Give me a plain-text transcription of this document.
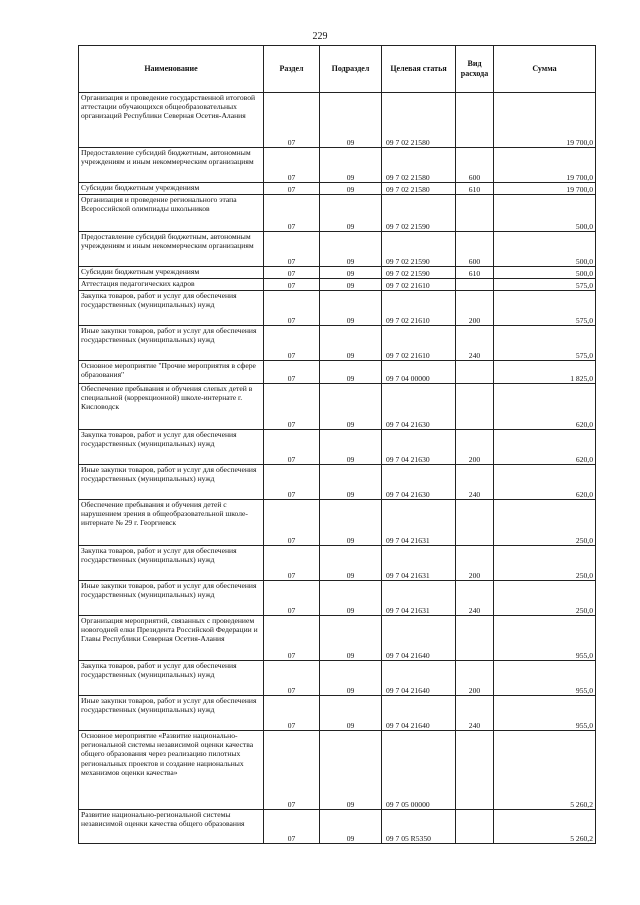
229
Наименование	Раздел	Подраздел	Целевая статья	Вид расхода	Сумма
Организация и проведение государственной итоговой аттестации обучающихся общеобразовательных организаций Республики Северная Осетия-Алания	07	09	09 7 02 21580		19 700,0
Предоставление субсидий бюджетным, автономным учреждениям и иным некоммерческим организациям	07	09	09 7 02 21580	600	19 700,0
Субсидии бюджетным учреждениям	07	09	09 7 02 21580	610	19 700,0
Организация и проведение регионального этапа Всероссийской олимпиады школьников	07	09	09 7 02 21590		500,0
Предоставление субсидий бюджетным, автономным учреждениям и иным некоммерческим организациям	07	09	09 7 02 21590	600	500,0
Субсидии бюджетным учреждениям	07	09	09 7 02 21590	610	500,0
Аттестация педагогических кадров	07	09	09 7 02 21610		575,0
Закупка товаров, работ и услуг для обеспечения государственных (муниципальных) нужд	07	09	09 7 02 21610	200	575,0
Иные закупки товаров, работ и услуг для обеспечения государственных (муниципальных) нужд	07	09	09 7 02 21610	240	575,0
Основное мероприятие "Прочие мероприятия в сфере образования"	07	09	09 7 04 00000		1 825,0
Обеспечение пребывания и обучения слепых детей в специальной (коррекционной) школе-интернате г. Кисловодск	07	09	09 7 04 21630		620,0
Закупка товаров, работ и услуг для обеспечения государственных (муниципальных) нужд	07	09	09 7 04 21630	200	620,0
Иные закупки товаров, работ и услуг для обеспечения государственных (муниципальных) нужд	07	09	09 7 04 21630	240	620,0
Обеспечение пребывания и обучения детей с нарушением зрения в общеобразовательной школе-интернате № 29 г. Георгиевск	07	09	09 7 04 21631		250,0
Закупка товаров, работ и услуг для обеспечения государственных (муниципальных) нужд	07	09	09 7 04 21631	200	250,0
Иные закупки товаров, работ и услуг для обеспечения государственных (муниципальных) нужд	07	09	09 7 04 21631	240	250,0
Организация мероприятий, связанных с проведением новогодней елки Президента Российской Федерации и Главы Республики Северная Осетия-Алания	07	09	09 7 04 21640		955,0
Закупка товаров, работ и услуг для обеспечения государственных (муниципальных) нужд	07	09	09 7 04 21640	200	955,0
Иные закупки товаров, работ и услуг для обеспечения государственных (муниципальных) нужд	07	09	09 7 04 21640	240	955,0
Основное мероприятие «Развитие национально-региональной системы независимой оценки качества общего образования через реализацию пилотных региональных проектов и создание национальных механизмов оценки качества»	07	09	09 7 05 00000		5 260,2
Развитие национально-региональной системы независимой оценки качества общего образования	07	09	09 7 05 R5350		5 260,2
